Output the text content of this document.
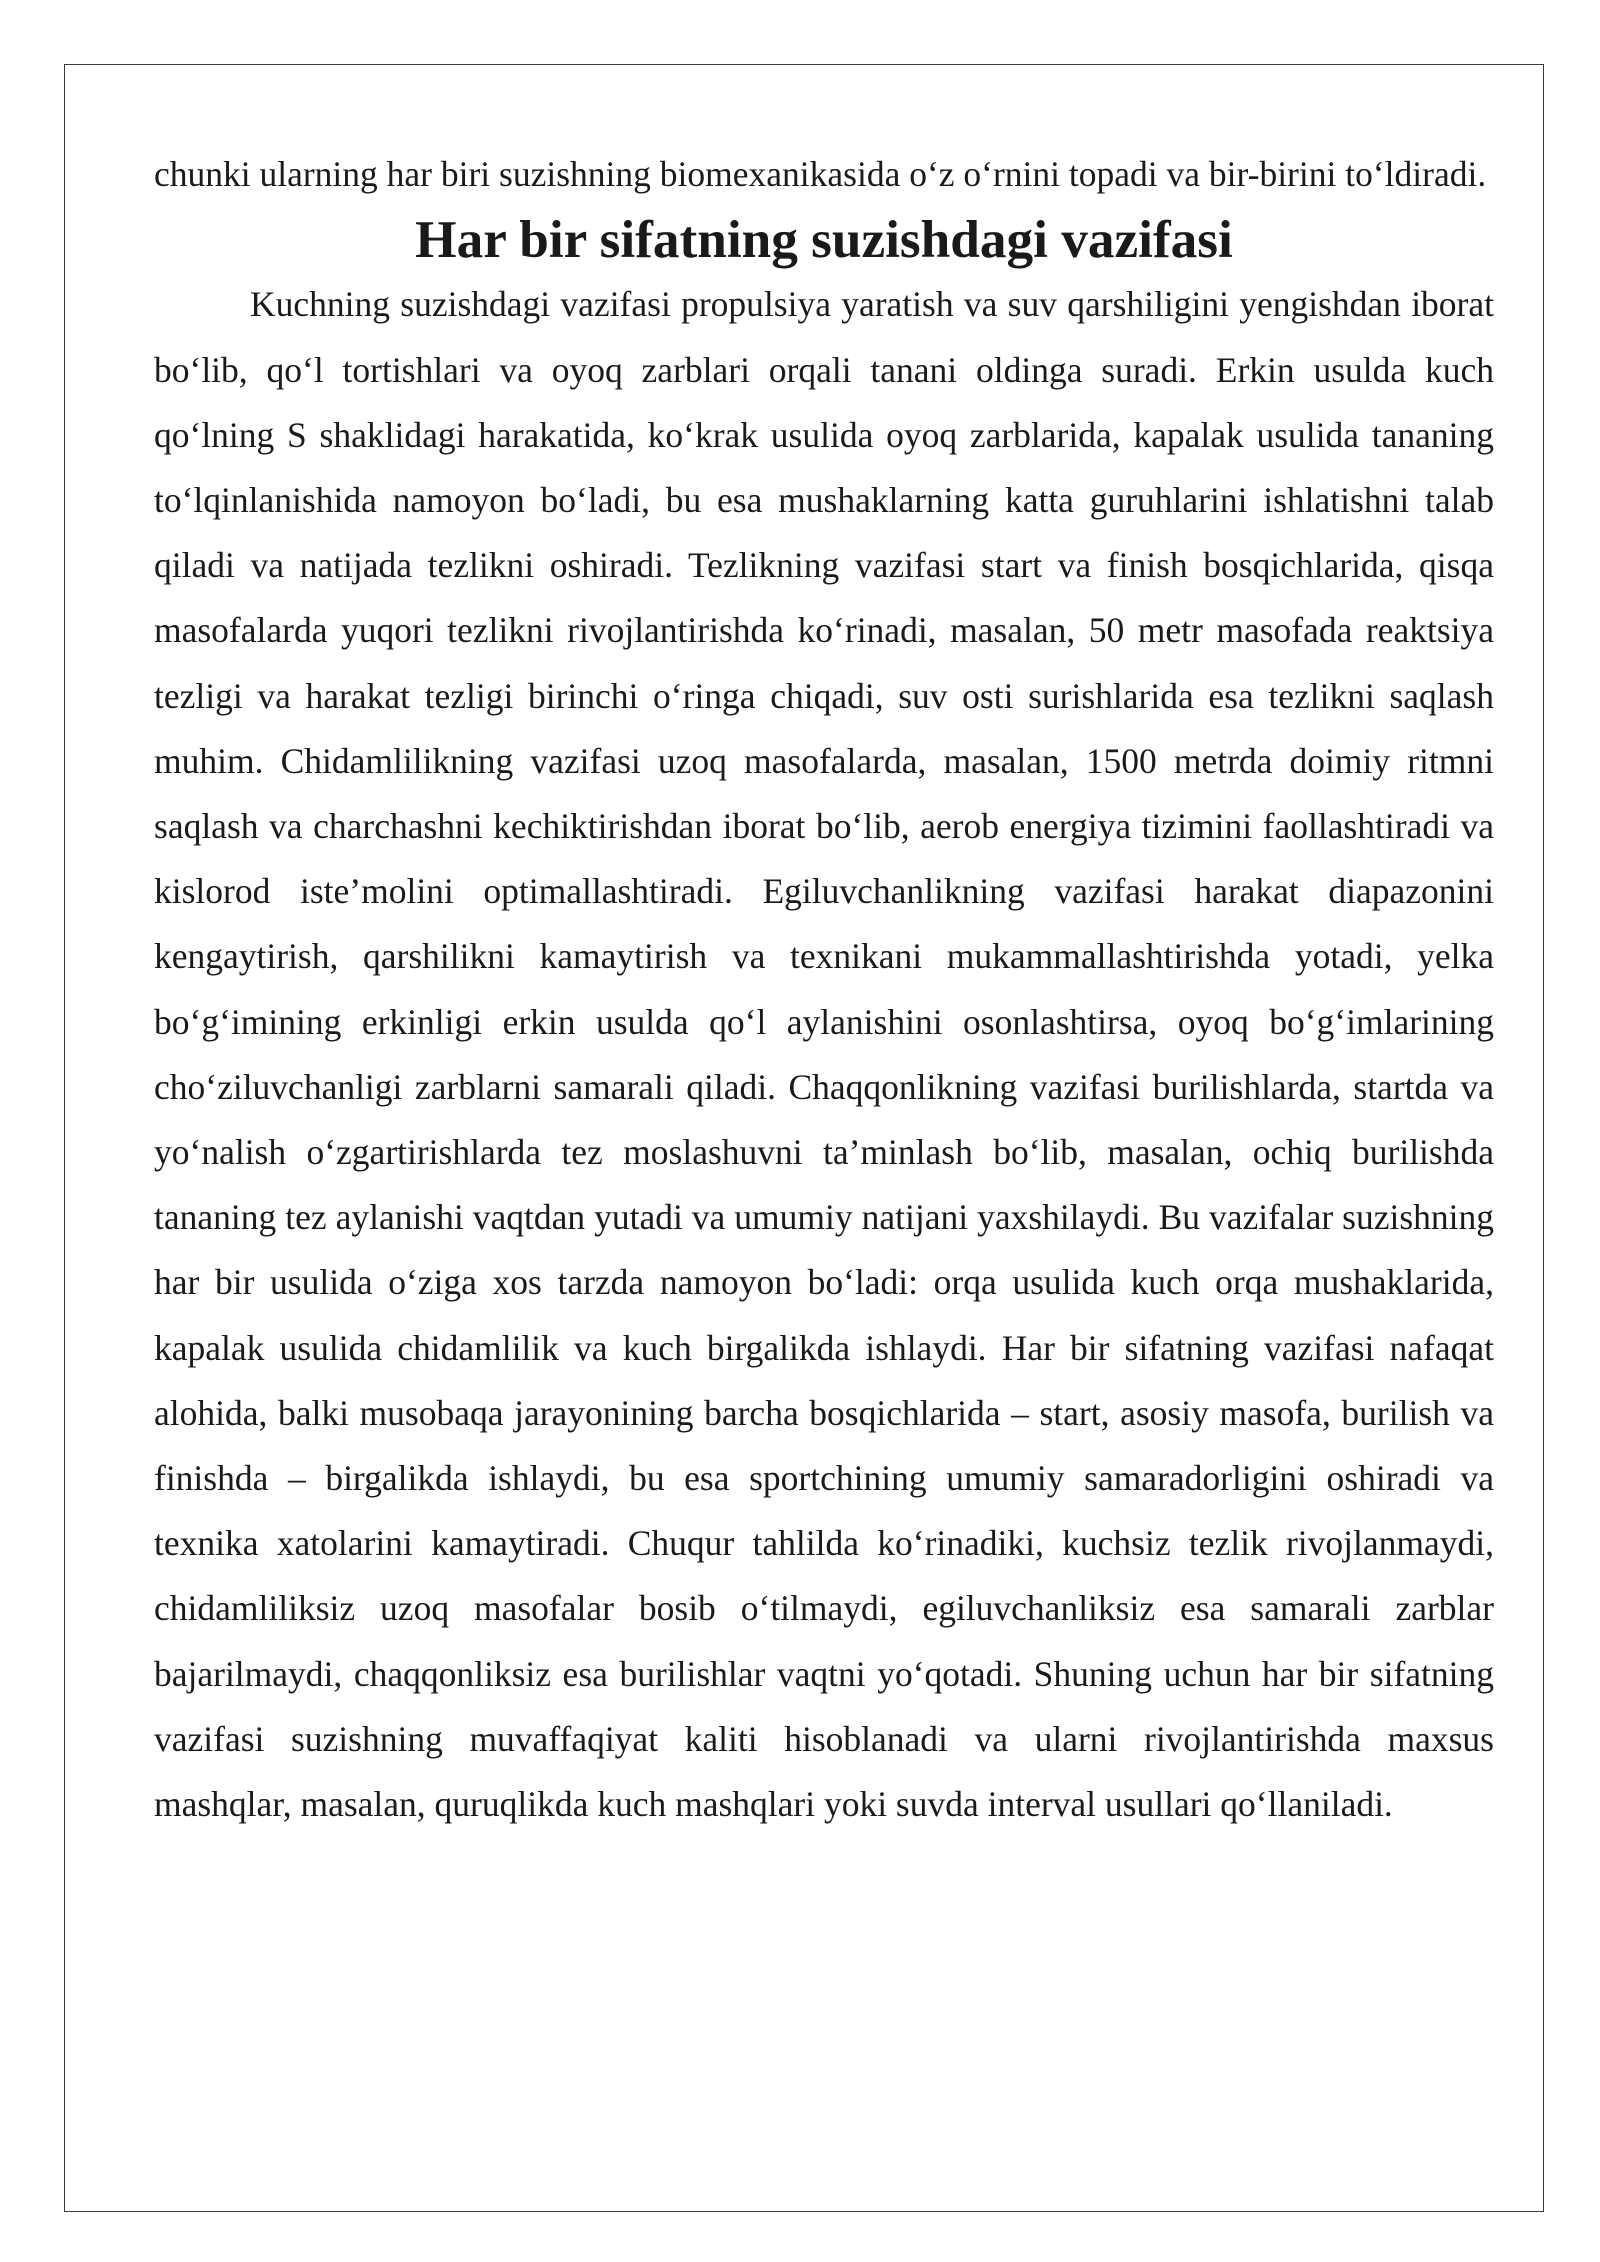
chunki ularning har biri suzishning biomexanikasida o‘z o‘rnini topadi va bir-birini to‘ldiradi.

Har bir sifatning suzishdagi vazifasi

Kuchning suzishdagi vazifasi propulsiya yaratish va suv qarshiligini yengishdan iborat bo‘lib, qo‘l tortishlari va oyoq zarblari orqali tanani oldinga suradi. Erkin usulda kuch qo‘lning S shaklidagi harakatida, ko‘krak usulida oyoq zarblarida, kapalak usulida tananing to‘lqinlanishida namoyon bo‘ladi, bu esa mushaklarning katta guruhlarini ishlatishni talab qiladi va natijada tezlikni oshiradi. Tezlikning vazifasi start va finish bosqichlarida, qisqa masofalarda yuqori tezlikni rivojlantirishda ko‘rinadi, masalan, 50 metr masofada reaktsiya tezligi va harakat tezligi birinchi o‘ringa chiqadi, suv osti surishlarida esa tezlikni saqlash muhim. Chidamlilikning vazifasi uzoq masofalarda, masalan, 1500 metrda doimiy ritmni saqlash va charchashni kechiktirishdan iborat bo‘lib, aerob energiya tizimini faollashtiradi va kislorod iste’molini optimallashtiradi. Egiluvchanlikning vazifasi harakat diapazonini kengaytirish, qarshilikni kamaytirish va texnikani mukammallashtirishda yotadi, yelka bo‘g‘imining erkinligi erkin usulda qo‘l aylanishini osonlashtirsa, oyoq bo‘g‘imlarining cho‘ziluvchanligi zarblarni samarali qiladi. Chaqqonlikning vazifasi burilishlarda, startda va yo‘nalish o‘zgartirishlarda tez moslashuvni ta’minlash bo‘lib, masalan, ochiq burilishda tananing tez aylanishi vaqtdan yutadi va umumiy natijani yaxshilaydi. Bu vazifalar suzishning har bir usulida o‘ziga xos tarzda namoyon bo‘ladi: orqa usulida kuch orqa mushaklarida, kapalak usulida chidamlilik va kuch birgalikda ishlaydi. Har bir sifatning vazifasi nafaqat alohida, balki musobaqa jarayonining barcha bosqichlarida – start, asosiy masofa, burilish va finishda – birgalikda ishlaydi, bu esa sportchining umumiy samaradorligini oshiradi va texnika xatolarini kamaytiradi. Chuqur tahlilda ko‘rinadiki, kuchsiz tezlik rivojlanmaydi, chidamliliksiz uzoq masofalar bosib o‘tilmaydi, egiluvchanliksiz esa samarali zarblar bajarilmaydi, chaqqonliksiz esa burilishlar vaqtni yo‘qotadi. Shuning uchun har bir sifatning vazifasi suzishning muvaffaqiyat kaliti hisoblanadi va ularni rivojlantirishda maxsus mashqlar, masalan, quruqlikda kuch mashqlari yoki suvda interval usullari qo‘llaniladi.
